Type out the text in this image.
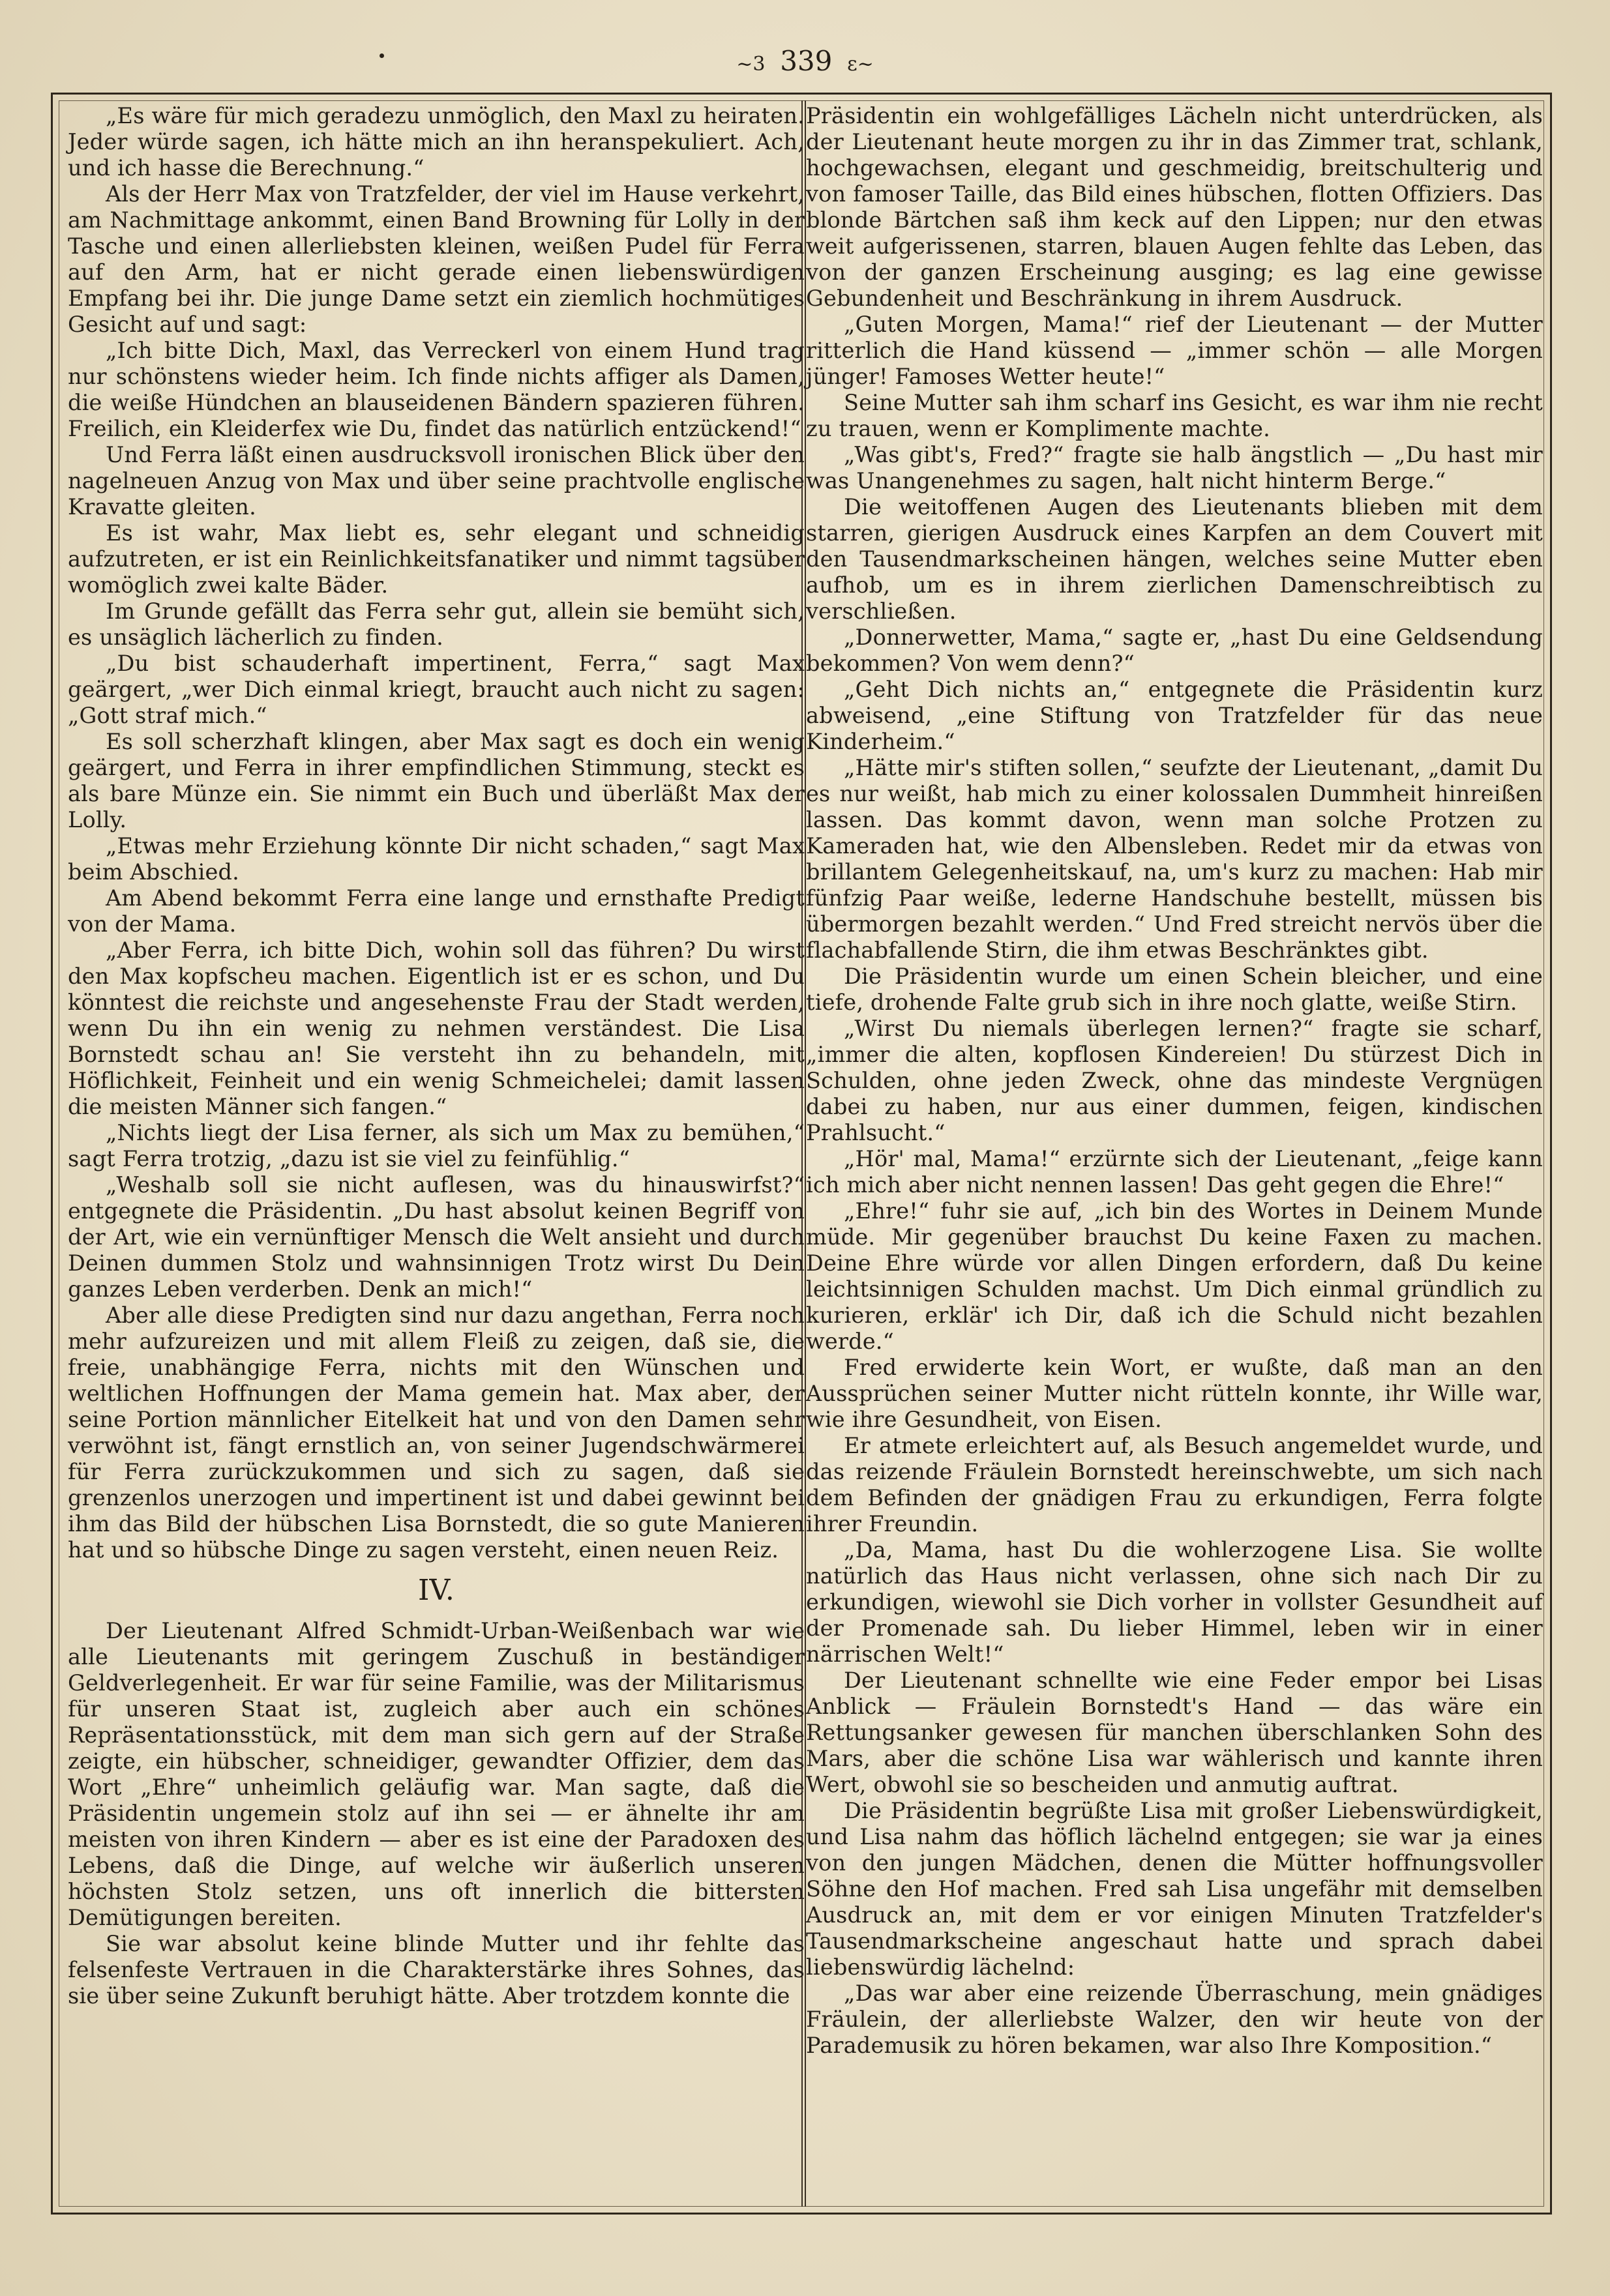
~3 339 ε~

„Es wäre für mich geradezu unmöglich, den Maxl zu heiraten. Jeder würde sagen, ich hätte mich an ihn heranspekuliert. Ach, und ich hasse die Berechnung.“

Als der Herr Max von Tratzfelder, der viel im Hause verkehrt, am Nachmittage ankommt, einen Band Browning für Lolly in der Tasche und einen allerliebsten kleinen, weißen Pudel für Ferra auf den Arm, hat er nicht gerade einen liebenswürdigen Empfang bei ihr. Die junge Dame setzt ein ziemlich hochmütiges Gesicht auf und sagt:

„Ich bitte Dich, Maxl, das Verreckerl von einem Hund trag nur schönstens wieder heim. Ich finde nichts affiger als Damen, die weiße Hündchen an blauseidenen Bändern spazieren führen. Freilich, ein Kleiderfex wie Du, findet das natürlich entzückend!“

Und Ferra läßt einen ausdrucksvoll ironischen Blick über den nagelneuen Anzug von Max und über seine prachtvolle englische Kravatte gleiten.

Es ist wahr, Max liebt es, sehr elegant und schneidig aufzutreten, er ist ein Reinlichkeitsfanatiker und nimmt tagsüber womöglich zwei kalte Bäder.

Im Grunde gefällt das Ferra sehr gut, allein sie bemüht sich, es unsäglich lächerlich zu finden.

„Du bist schauderhaft impertinent, Ferra,“ sagt Max geärgert, „wer Dich einmal kriegt, braucht auch nicht zu sagen: „Gott straf mich.“

Es soll scherzhaft klingen, aber Max sagt es doch ein wenig geärgert, und Ferra in ihrer empfindlichen Stimmung, steckt es als bare Münze ein. Sie nimmt ein Buch und überläßt Max der Lolly.

„Etwas mehr Erziehung könnte Dir nicht schaden,“ sagt Max beim Abschied.

Am Abend bekommt Ferra eine lange und ernsthafte Predigt von der Mama.

„Aber Ferra, ich bitte Dich, wohin soll das führen? Du wirst den Max kopfscheu machen. Eigentlich ist er es schon, und Du könntest die reichste und angesehenste Frau der Stadt werden, wenn Du ihn ein wenig zu nehmen verständest. Die Lisa Bornstedt schau an! Sie versteht ihn zu behandeln, mit Höflichkeit, Feinheit und ein wenig Schmeichelei; damit lassen die meisten Männer sich fangen.“

„Nichts liegt der Lisa ferner, als sich um Max zu bemühen,“ sagt Ferra trotzig, „dazu ist sie viel zu feinfühlig.“

„Weshalb soll sie nicht auflesen, was du hinauswirfst?“ entgegnete die Präsidentin. „Du hast absolut keinen Begriff von der Art, wie ein vernünftiger Mensch die Welt ansieht und durch Deinen dummen Stolz und wahnsinnigen Trotz wirst Du Dein ganzes Leben verderben. Denk an mich!“

Aber alle diese Predigten sind nur dazu angethan, Ferra noch mehr aufzureizen und mit allem Fleiß zu zeigen, daß sie, die freie, unabhängige Ferra, nichts mit den Wünschen und weltlichen Hoffnungen der Mama gemein hat. Max aber, der seine Portion männlicher Eitelkeit hat und von den Damen sehr verwöhnt ist, fängt ernstlich an, von seiner Jugendschwärmerei für Ferra zurückzukommen und sich zu sagen, daß sie grenzenlos unerzogen und impertinent ist und dabei gewinnt bei ihm das Bild der hübschen Lisa Bornstedt, die so gute Manieren hat und so hübsche Dinge zu sagen versteht, einen neuen Reiz.

IV.

Der Lieutenant Alfred Schmidt-Urban-Weißenbach war wie alle Lieutenants mit geringem Zuschuß in beständiger Geldverlegenheit. Er war für seine Familie, was der Militarismus für unseren Staat ist, zugleich aber auch ein schönes Repräsentationsstück, mit dem man sich gern auf der Straße zeigte, ein hübscher, schneidiger, gewandter Offizier, dem das Wort „Ehre“ unheimlich geläufig war. Man sagte, daß die Präsidentin ungemein stolz auf ihn sei — er ähnelte ihr am meisten von ihren Kindern — aber es ist eine der Paradoxen des Lebens, daß die Dinge, auf welche wir äußerlich unseren höchsten Stolz setzen, uns oft innerlich die bittersten Demütigungen bereiten.

Sie war absolut keine blinde Mutter und ihr fehlte das felsenfeste Vertrauen in die Charakterstärke ihres Sohnes, das sie über seine Zukunft beruhigt hätte. Aber trotzdem konnte die

Präsidentin ein wohlgefälliges Lächeln nicht unterdrücken, als der Lieutenant heute morgen zu ihr in das Zimmer trat, schlank, hochgewachsen, elegant und geschmeidig, breitschulterig und von famoser Taille, das Bild eines hübschen, flotten Offiziers. Das blonde Bärtchen saß ihm keck auf den Lippen; nur den etwas weit aufgerissenen, starren, blauen Augen fehlte das Leben, das von der ganzen Erscheinung ausging; es lag eine gewisse Gebundenheit und Beschränkung in ihrem Ausdruck.

„Guten Morgen, Mama!“ rief der Lieutenant — der Mutter ritterlich die Hand küssend — „immer schön — alle Morgen jünger! Famoses Wetter heute!“

Seine Mutter sah ihm scharf ins Gesicht, es war ihm nie recht zu trauen, wenn er Komplimente machte.

„Was gibt's, Fred?“ fragte sie halb ängstlich — „Du hast mir was Unangenehmes zu sagen, halt nicht hinterm Berge.“

Die weitoffenen Augen des Lieutenants blieben mit dem starren, gierigen Ausdruck eines Karpfen an dem Couvert mit den Tausendmarkscheinen hängen, welches seine Mutter eben aufhob, um es in ihrem zierlichen Damenschreibtisch zu verschließen.

„Donnerwetter, Mama,“ sagte er, „hast Du eine Geldsendung bekommen? Von wem denn?“

„Geht Dich nichts an,“ entgegnete die Präsidentin kurz abweisend, „eine Stiftung von Tratzfelder für das neue Kinderheim.“

„Hätte mir's stiften sollen,“ seufzte der Lieutenant, „damit Du es nur weißt, hab mich zu einer kolossalen Dummheit hinreißen lassen. Das kommt davon, wenn man solche Protzen zu Kameraden hat, wie den Albensleben. Redet mir da etwas von brillantem Gelegenheitskauf, na, um's kurz zu machen: Hab mir fünfzig Paar weiße, lederne Handschuhe bestellt, müssen bis übermorgen bezahlt werden.“ Und Fred streicht nervös über die flachabfallende Stirn, die ihm etwas Beschränktes gibt.

Die Präsidentin wurde um einen Schein bleicher, und eine tiefe, drohende Falte grub sich in ihre noch glatte, weiße Stirn.

„Wirst Du niemals überlegen lernen?“ fragte sie scharf, „immer die alten, kopflosen Kindereien! Du stürzest Dich in Schulden, ohne jeden Zweck, ohne das mindeste Vergnügen dabei zu haben, nur aus einer dummen, feigen, kindischen Prahlsucht.“

„Hör' mal, Mama!“ erzürnte sich der Lieutenant, „feige kann ich mich aber nicht nennen lassen! Das geht gegen die Ehre!“

„Ehre!“ fuhr sie auf, „ich bin des Wortes in Deinem Munde müde. Mir gegenüber brauchst Du keine Faxen zu machen. Deine Ehre würde vor allen Dingen erfordern, daß Du keine leichtsinnigen Schulden machst. Um Dich einmal gründlich zu kurieren, erklär' ich Dir, daß ich die Schuld nicht bezahlen werde.“

Fred erwiderte kein Wort, er wußte, daß man an den Aussprüchen seiner Mutter nicht rütteln konnte, ihr Wille war, wie ihre Gesundheit, von Eisen.

Er atmete erleichtert auf, als Besuch angemeldet wurde, und das reizende Fräulein Bornstedt hereinschwebte, um sich nach dem Befinden der gnädigen Frau zu erkundigen, Ferra folgte ihrer Freundin.

„Da, Mama, hast Du die wohlerzogene Lisa. Sie wollte natürlich das Haus nicht verlassen, ohne sich nach Dir zu erkundigen, wiewohl sie Dich vorher in vollster Gesundheit auf der Promenade sah. Du lieber Himmel, leben wir in einer närrischen Welt!“

Der Lieutenant schnellte wie eine Feder empor bei Lisas Anblick — Fräulein Bornstedt's Hand — das wäre ein Rettungsanker gewesen für manchen überschlanken Sohn des Mars, aber die schöne Lisa war wählerisch und kannte ihren Wert, obwohl sie so bescheiden und anmutig auftrat.

Die Präsidentin begrüßte Lisa mit großer Liebenswürdigkeit, und Lisa nahm das höflich lächelnd entgegen; sie war ja eines von den jungen Mädchen, denen die Mütter hoffnungsvoller Söhne den Hof machen. Fred sah Lisa ungefähr mit demselben Ausdruck an, mit dem er vor einigen Minuten Tratzfelder's Tausendmarkscheine angeschaut hatte und sprach dabei liebenswürdig lächelnd:

„Das war aber eine reizende Überraschung, mein gnädiges Fräulein, der allerliebste Walzer, den wir heute von der Parademusik zu hören bekamen, war also Ihre Komposition.“
